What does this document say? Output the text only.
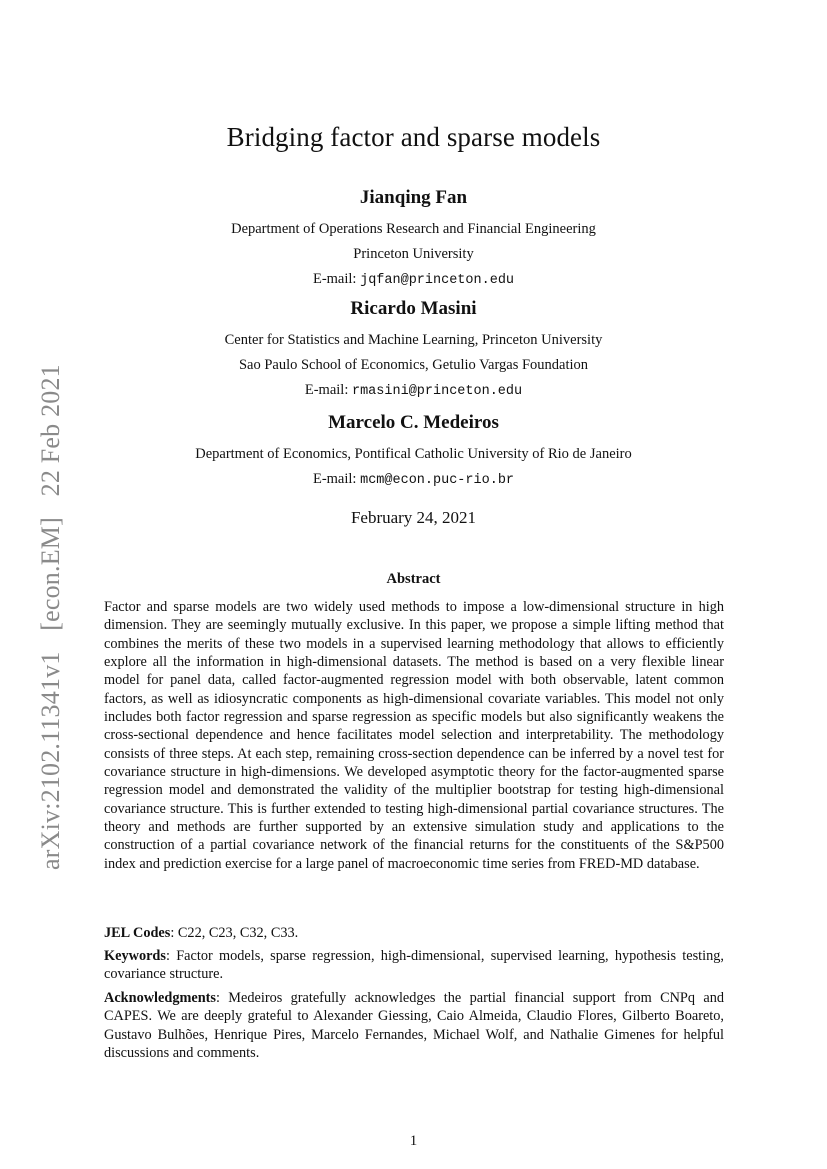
arXiv:2102.11341v1 [econ.EM] 22 Feb 2021
Bridging factor and sparse models
Jianqing Fan
Department of Operations Research and Financial Engineering
Princeton University
E-mail: jqfan@princeton.edu
Ricardo Masini
Center for Statistics and Machine Learning, Princeton University
Sao Paulo School of Economics, Getulio Vargas Foundation
E-mail: rmasini@princeton.edu
Marcelo C. Medeiros
Department of Economics, Pontifical Catholic University of Rio de Janeiro
E-mail: mcm@econ.puc-rio.br
February 24, 2021
Abstract
Factor and sparse models are two widely used methods to impose a low-dimensional structure in high dimension. They are seemingly mutually exclusive. In this paper, we propose a simple lifting method that combines the merits of these two models in a supervised learning methodology that allows to efficiently explore all the information in high-dimensional datasets. The method is based on a very flexible linear model for panel data, called factor-augmented regression model with both observable, latent common factors, as well as idiosyncratic components as high-dimensional covariate variables. This model not only includes both factor regression and sparse regression as specific models but also significantly weakens the cross-sectional dependence and hence facilitates model selection and interpretability. The methodology consists of three steps. At each step, remaining cross-section dependence can be inferred by a novel test for covariance structure in high-dimensions. We developed asymptotic theory for the factor-augmented sparse regression model and demonstrated the validity of the multiplier bootstrap for testing high-dimensional covariance structure. This is further extended to testing high-dimensional partial covariance structures. The theory and methods are further supported by an extensive simulation study and applications to the construction of a partial covariance network of the financial returns for the constituents of the S&P500 index and prediction exercise for a large panel of macroeconomic time series from FRED-MD database.
JEL Codes: C22, C23, C32, C33.
Keywords: Factor models, sparse regression, high-dimensional, supervised learning, hypothesis testing, covariance structure.
Acknowledgments: Medeiros gratefully acknowledges the partial financial support from CNPq and CAPES. We are deeply grateful to Alexander Giessing, Caio Almeida, Claudio Flores, Gilberto Boareto, Gustavo Bulhões, Henrique Pires, Marcelo Fernandes, Michael Wolf, and Nathalie Gimenes for helpful discussions and comments.
1
